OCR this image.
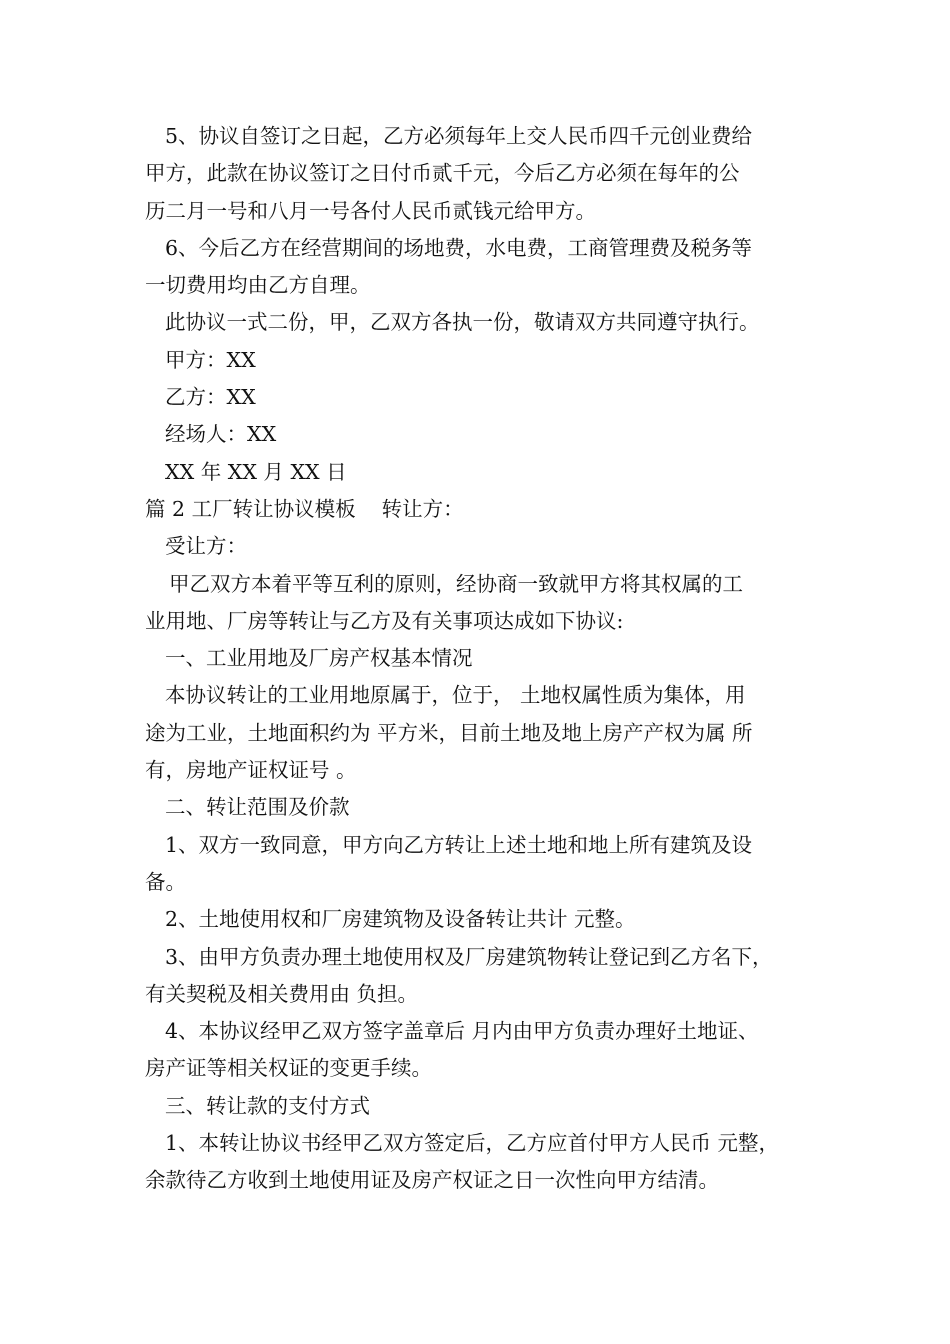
5、协议自签订之日起，乙方必须每年上交人民币四千元创业费给
甲方，此款在协议签订之日付币贰千元，今后乙方必须在每年的公
历二月一号和八月一号各付人民币贰钱元给甲方。
6、今后乙方在经营期间的场地费，水电费，工商管理费及税务等
一切费用均由乙方自理。
此协议一式二份，甲，乙双方各执一份，敬请双方共同遵守执行。
甲方：XX
乙方：XX
经场人：XX
XX 年 XX 月 XX 日
篇 2 工厂转让协议模板 转让方：
受让方：
甲乙双方本着平等互利的原则，经协商一致就甲方将其权属的工
业用地、厂房等转让与乙方及有关事项达成如下协议:
一、工业用地及厂房产权基本情况
本协议转让的工业用地原属于，位于， 土地权属性质为集体，用
途为工业，土地面积约为 平方米，目前土地及地上房产产权为属 所
有，房地产证权证号 。
二、转让范围及价款
1、双方一致同意，甲方向乙方转让上述土地和地上所有建筑及设
备。
2、土地使用权和厂房建筑物及设备转让共计 元整。
3、由甲方负责办理土地使用权及厂房建筑物转让登记到乙方名下，
有关契税及相关费用由 负担。
4、本协议经甲乙双方签字盖章后 月内由甲方负责办理好土地证、
房产证等相关权证的变更手续。
三、转让款的支付方式
1、本转让协议书经甲乙双方签定后，乙方应首付甲方人民币 元整，
余款待乙方收到土地使用证及房产权证之日一次性向甲方结清。
